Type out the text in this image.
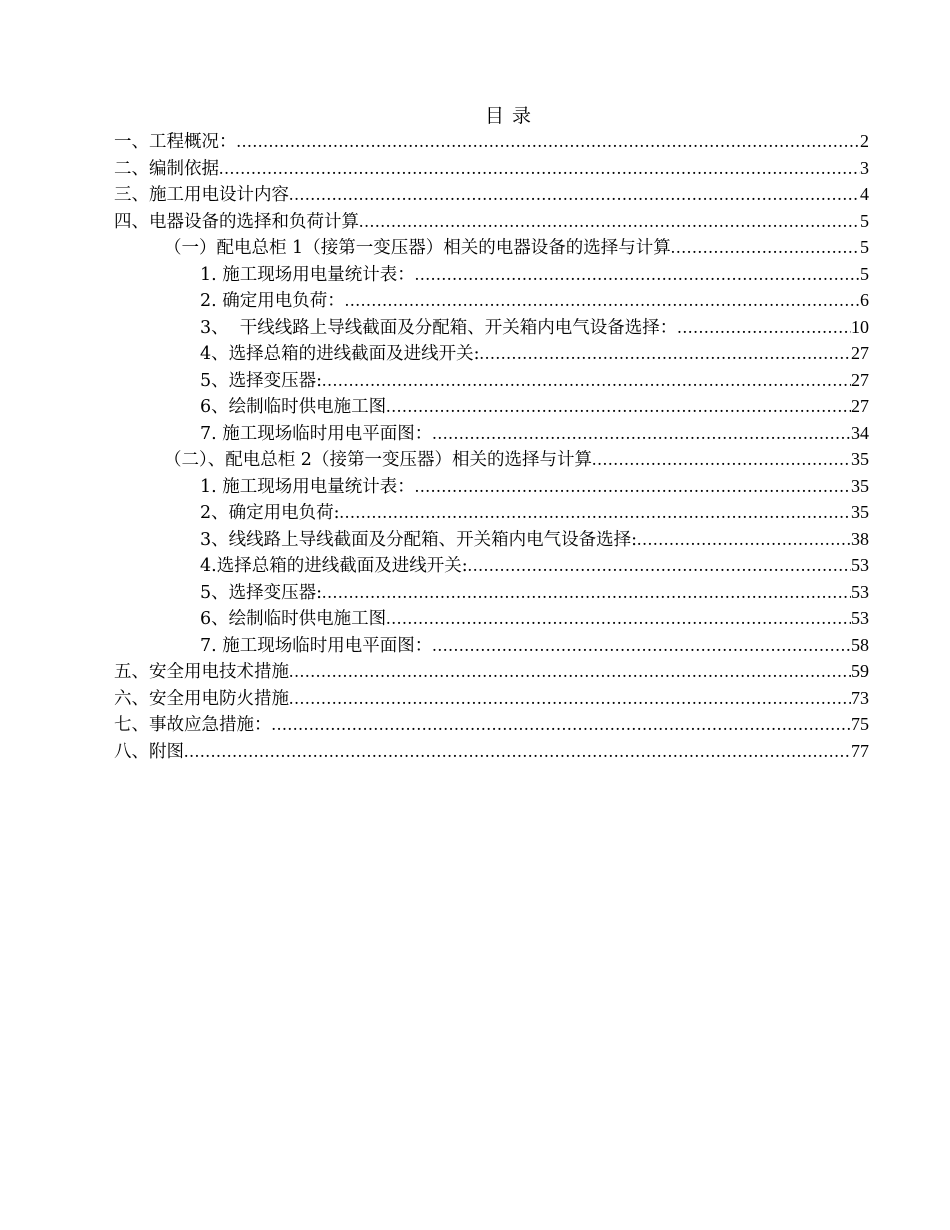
目录
一、工程概况： .....	2
二、编制依据 .....	3
三、施工用电设计内容 .....	4
四、电器设备的选择和负荷计算 .....	5
（一）配电总柜 1（接第一变压器）相关的电器设备的选择与计算 .....	5
1. 施工现场用电量统计表： .....	5
2. 确定用电负荷： .....	6
3、  干线线路上导线截面及分配箱、开关箱内电气设备选择： .....	10
4、选择总箱的进线截面及进线开关: .....	27
5、选择变压器: .....	27
6、绘制临时供电施工图 .....	27
7. 施工现场临时用电平面图： .....	34
（二）、配电总柜 2（接第一变压器）相关的选择与计算 .....	35
1. 施工现场用电量统计表： .....	35
2、确定用电负荷: .....	35
3、线线路上导线截面及分配箱、开关箱内电气设备选择: .....	38
4.选择总箱的进线截面及进线开关: .....	53
5、选择变压器: .....	53
6、绘制临时供电施工图 .....	53
7. 施工现场临时用电平面图： .....	58
五、安全用电技术措施 .....	59
六、安全用电防火措施 .....	73
七、事故应急措施： .....	75
八、附图 .....	77
